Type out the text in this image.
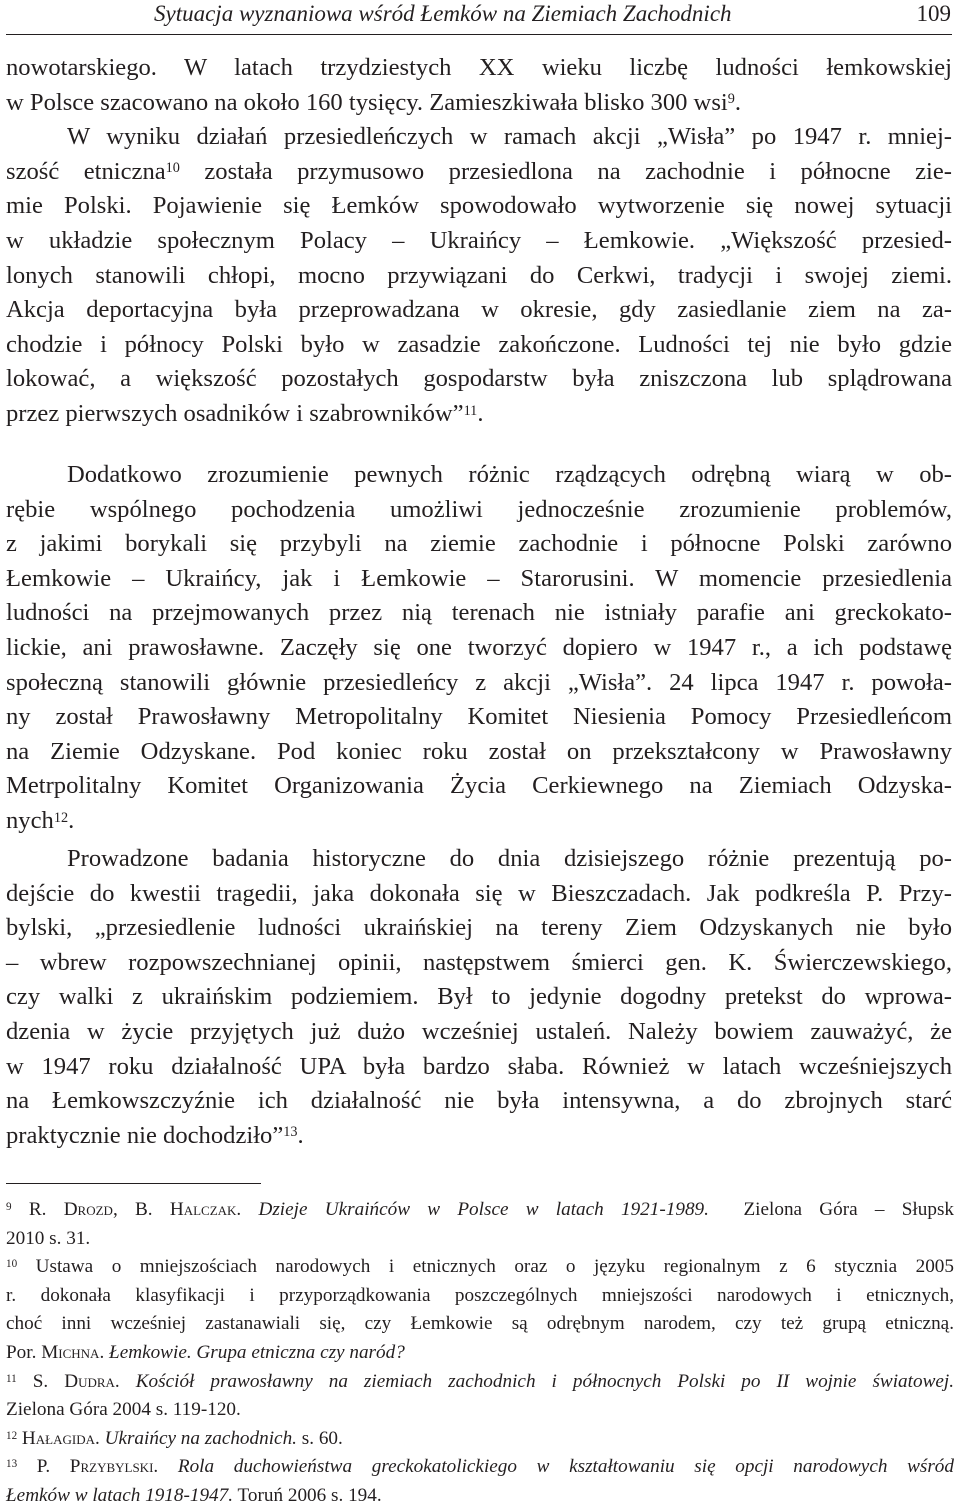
Sytuacja wyznaniowa wśród Łemków na Ziemiach Zachodnich	109
nowotarskiego. W latach trzydziestych XX wieku liczbę ludności łemkowskiej
w Polsce szacowano na około 160 tysięcy. Zamieszkiwała blisko 300 wsi$^9$.
W wyniku działań przesiedleńczych w ramach akcji „Wisła” po 1947 r. mniej-
szość etniczna$^{10}$ została przymusowo przesiedlona na zachodnie i północne zie-
mie Polski. Pojawienie się Łemków spowodowało wytworzenie się nowej sytuacji
w układzie społecznym Polacy – Ukraińcy – Łemkowie. „Większość przesied-
lonych stanowili chłopi, mocno przywiązani do Cerkwi, tradycji i swojej ziemi.
Akcja deportacyjna była przeprowadzana w okresie, gdy zasiedlanie ziem na za-
chodzie i północy Polski było w zasadzie zakończone. Ludności tej nie było gdzie
lokować, a większość pozostałych gospodarstw była zniszczona lub splądrowana
przez pierwszych osadników i szabrowników”$^{11}$.
Dodatkowo zrozumienie pewnych różnic rządzących odrębną wiarą w ob-
rębie wspólnego pochodzenia umożliwi jednocześnie zrozumienie problemów,
z jakimi borykali się przybyli na ziemie zachodnie i północne Polski zarówno
Łemkowie – Ukraińcy, jak i Łemkowie – Starorusini. W momencie przesiedlenia
ludności na przejmowanych przez nią terenach nie istniały parafie ani greckokato-
lickie, ani prawosławne. Zaczęły się one tworzyć dopiero w 1947 r., a ich podstawę
społeczną stanowili głównie przesiedleńcy z akcji „Wisła”. 24 lipca 1947 r. powoła-
ny został Prawosławny Metropolitalny Komitet Niesienia Pomocy Przesiedleńcom
na Ziemie Odzyskane. Pod koniec roku został on przekształcony w Prawosławny
Metrpolitalny Komitet Organizowania Życia Cerkiewnego na Ziemiach Odzyska-
nych$^{12}$.
Prowadzone badania historyczne do dnia dzisiejszego różnie prezentują po-
dejście do kwestii tragedii, jaka dokonała się w Bieszczadach. Jak podkreśla P. Przy-
bylski, „przesiedlenie ludności ukraińskiej na tereny Ziem Odzyskanych nie było
– wbrew rozpowszechnianej opinii, następstwem śmierci gen. K. Świerczewskiego,
czy walki z ukraińskim podziemiem. Był to jedynie dogodny pretekst do wprowa-
dzenia w życie przyjętych już dużo wcześniej ustaleń. Należy bowiem zauważyć, że
w 1947 roku działalność UPA była bardzo słaba. Również w latach wcześniejszych
na Łemkowszczyźnie ich działalność nie była intensywna, a do zbrojnych starć
praktycznie nie dochodziło”$^{13}$.
$^9$ R. Drozd, B. Halczak. Dzieje Ukraińców w Polsce w latach 1921-1989.  Zielona Góra – Słupsk
2010 s. 31.
$^{10}$ Ustawa o mniejszościach narodowych i etnicznych oraz o języku regionalnym z 6 stycznia 2005
r. dokonała klasyfikacji i przyporządkowania poszczególnych mniejszości narodowych i etnicznych,
choć inni wcześniej zastanawiali się, czy Łemkowie są odrębnym narodem, czy też grupą etniczną.
Por. Michna. Łemkowie. Grupa etniczna czy naród?
$^{11}$ S. Dudra. Kościół prawosławny na ziemiach zachodnich i północnych Polski po II wojnie światowej.
Zielona Góra 2004 s. 119-120.
$^{12}$ Hałagida. Ukraińcy na zachodnich. s. 60.
$^{13}$ P. Przybylski. Rola duchowieństwa greckokatolickiego w kształtowaniu się opcji narodowych wśród
Łemków w latach 1918-1947. Toruń 2006 s. 194.
